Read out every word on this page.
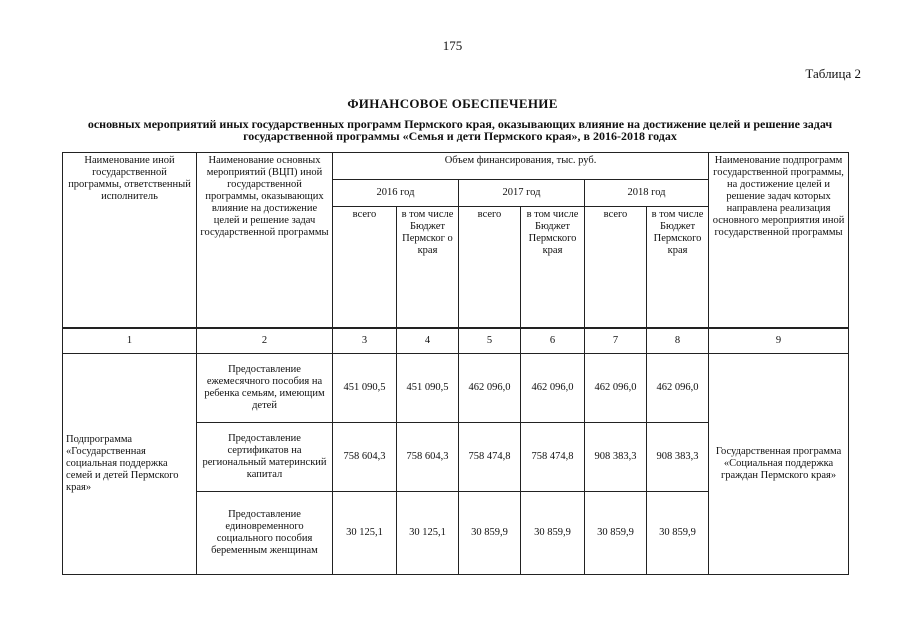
175
Таблица 2
ФИНАНСОВОЕ ОБЕСПЕЧЕНИЕ
основных мероприятий иных государственных программ Пермского края, оказывающих влияние на достижение целей и решение задач государственной программы «Семья и дети Пермского края», в 2016-2018 годах
Наименование иной государственной программы, ответственный исполнитель	Наименование основных мероприятий (ВЦП) иной государственной программы, оказывающих влияние на достижение целей и решение задач государственной программы	Объем финансирования, тыс. руб.						Наименование подпрограмм государственной программы, на достижение целей и решение задач которых направлена реализация основного мероприятия иной государственной программы
		2016 год		2017 год		2018 год		
		всего	в том числе Бюджет Пермског о края	всего	в том числе Бюджет Пермского края	всего	в том числе Бюджет Пермского края	
1	2	3	4	5	6	7	8	9
Подпрограмма «Государственная социальная поддержка семей и детей Пермского края»	Предоставление ежемесячного пособия на ребенка семьям, имеющим детей	451 090,5	451 090,5	462 096,0	462 096,0	462 096,0	462 096,0	Государственная программа «Социальная поддержка граждан Пермского края»
	Предоставление сертификатов на региональный материнский капитал	758 604,3	758 604,3	758 474,8	758 474,8	908 383,3	908 383,3	
	Предоставление единовременного социального пособия беременным женщинам	30 125,1	30 125,1	30 859,9	30 859,9	30 859,9	30 859,9	
